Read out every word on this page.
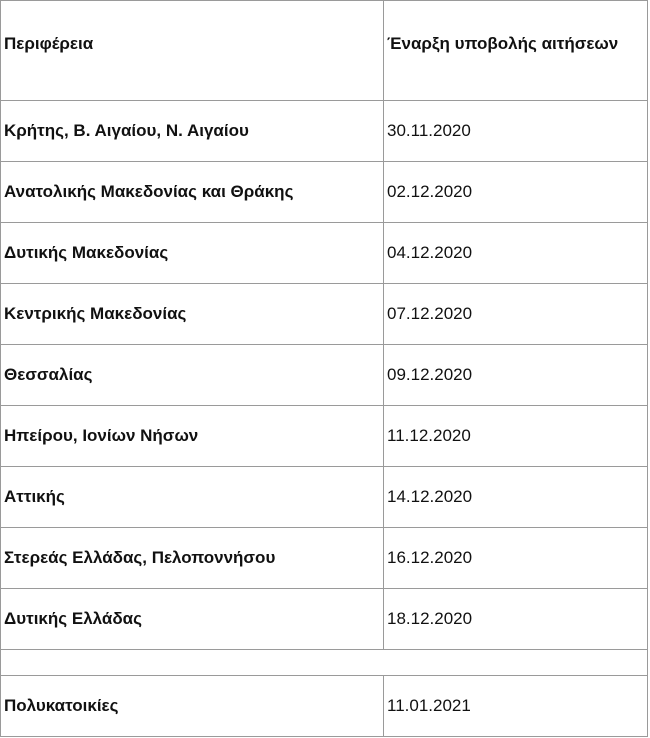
Περιφέρεια	Έναρξη υποβολής αιτήσεων
Κρήτης, Β. Αιγαίου, Ν. Αιγαίου	30.11.2020
Ανατολικής Μακεδονίας και Θράκης	02.12.2020
Δυτικής Μακεδονίας	04.12.2020
Κεντρικής Μακεδονίας	07.12.2020
Θεσσαλίας	09.12.2020
Ηπείρου, Ιονίων Νήσων	11.12.2020
Αττικής	14.12.2020
Στερεάς Ελλάδας, Πελοποννήσου	16.12.2020
Δυτικής Ελλάδας	18.12.2020

Πολυκατοικίες	11.01.2021
